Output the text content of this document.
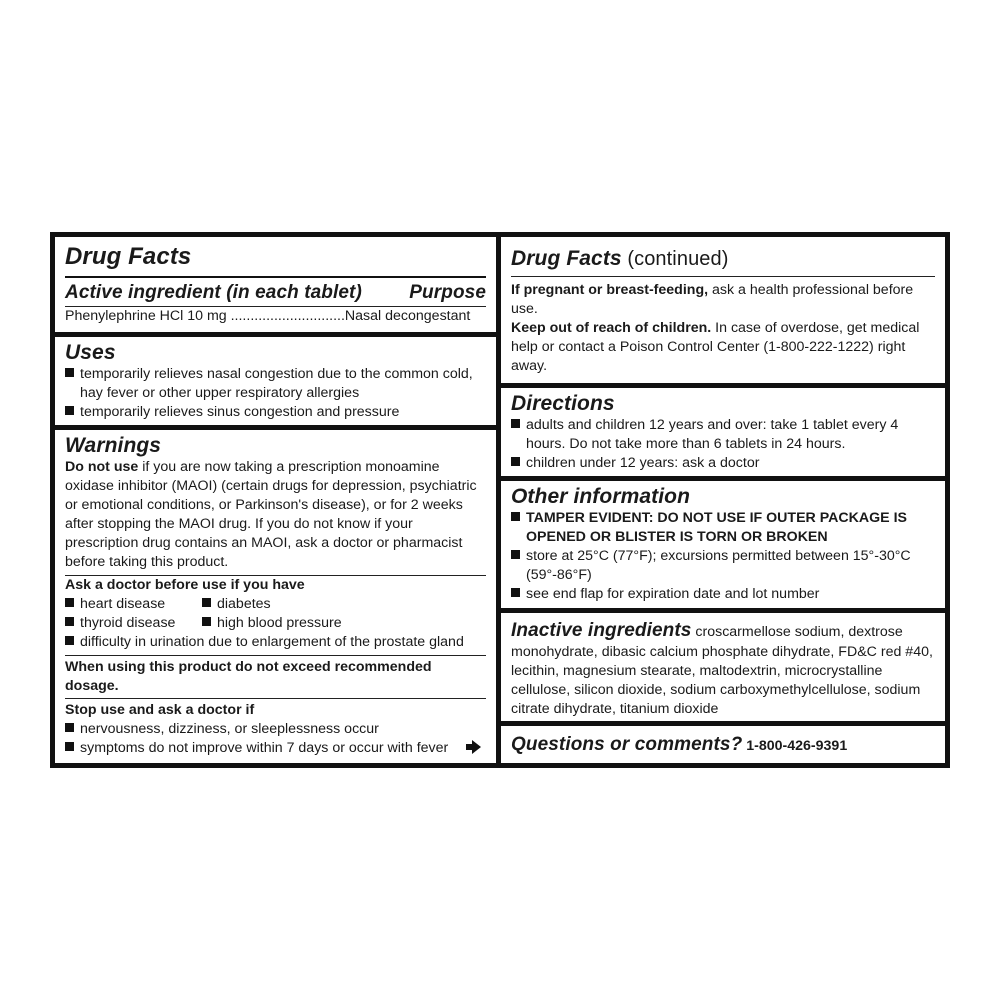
Drug Facts
Active ingredient (in each tablet) Purpose
Phenylephrine HCl 10 mg .............................Nasal decongestant
Uses
temporarily relieves nasal congestion due to the common cold, hay fever or other upper respiratory allergies
temporarily relieves sinus congestion and pressure
Warnings
Do not use if you are now taking a prescription monoamine oxidase inhibitor (MAOI) (certain drugs for depression, psychiatric or emotional conditions, or Parkinson's disease), or for 2 weeks after stopping the MAOI drug. If you do not know if your prescription drug contains an MAOI, ask a doctor or pharmacist before taking this product.
Ask a doctor before use if you have
heart disease	diabetes
thyroid disease	high blood pressure
difficulty in urination due to enlargement of the prostate gland
When using this product do not exceed recommended dosage.
Stop use and ask a doctor if
nervousness, dizziness, or sleeplessness occur
symptoms do not improve within 7 days or occur with fever
Drug Facts (continued)
If pregnant or breast-feeding, ask a health professional before use.
Keep out of reach of children. In case of overdose, get medical help or contact a Poison Control Center (1-800-222-1222) right away.
Directions
adults and children 12 years and over: take 1 tablet every 4 hours. Do not take more than 6 tablets in 24 hours.
children under 12 years: ask a doctor
Other information
TAMPER EVIDENT: DO NOT USE IF OUTER PACKAGE IS OPENED OR BLISTER IS TORN OR BROKEN
store at 25°C (77°F); excursions permitted between 15°-30°C (59°-86°F)
see end flap for expiration date and lot number
Inactive ingredients croscarmellose sodium, dextrose monohydrate, dibasic calcium phosphate dihydrate, FD&C red #40, lecithin, magnesium stearate, maltodextrin, microcrystalline cellulose, silicon dioxide, sodium carboxymethylcellulose, sodium citrate dihydrate, titanium dioxide
Questions or comments? 1-800-426-9391
